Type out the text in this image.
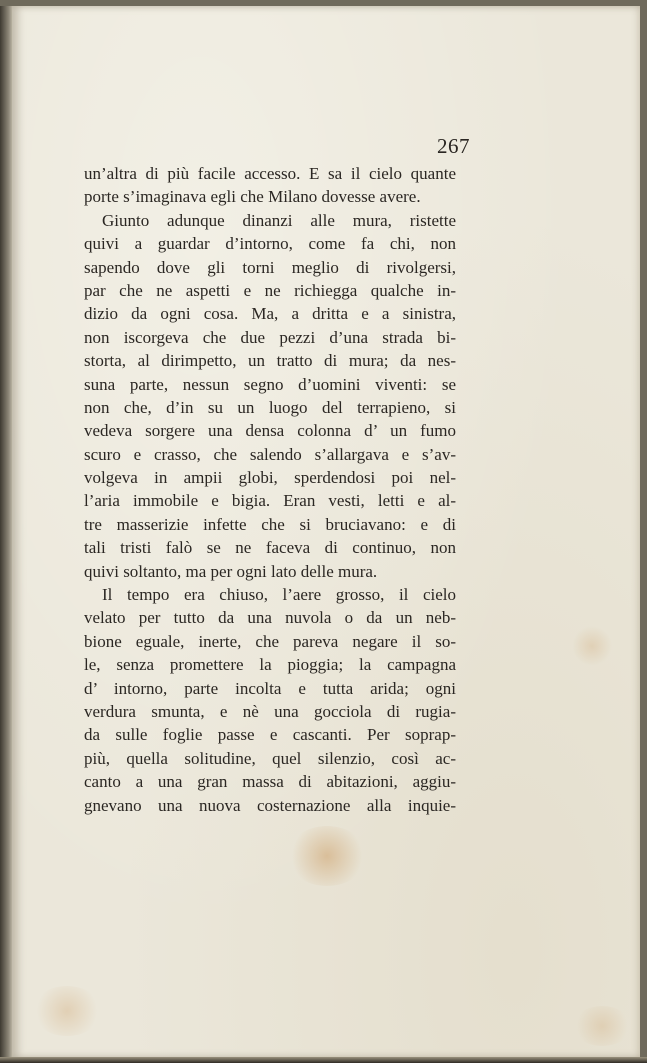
267
un’altra di più facile accesso. E sa il cielo quante
porte s’imaginava egli che Milano dovesse avere.
Giunto adunque dinanzi alle mura, ristette
quivi a guardar d’intorno, come fa chi, non
sapendo dove gli torni meglio di rivolgersi,
par che ne aspetti e ne richiegga qualche in-
dizio da ogni cosa. Ma, a dritta e a sinistra,
non iscorgeva che due pezzi d’una strada bi-
storta, al dirimpetto, un tratto di mura; da nes-
suna parte, nessun segno d’uomini viventi: se
non che, d’in su un luogo del terrapieno, si
vedeva sorgere una densa colonna d’ un fumo
scuro e crasso, che salendo s’allargava e s’av-
volgeva in ampii globi, sperdendosi poi nel-
l’aria immobile e bigia. Eran vesti, letti e al-
tre masserizie infette che si bruciavano: e di
tali tristi falò se ne faceva di continuo, non
quivi soltanto, ma per ogni lato delle mura.
Il tempo era chiuso, l’aere grosso, il cielo
velato per tutto da una nuvola o da un neb-
bione eguale, inerte, che pareva negare il so-
le, senza promettere la pioggia; la campagna
d’ intorno, parte incolta e tutta arida; ogni
verdura smunta, e nè una gocciola di rugia-
da sulle foglie passe e cascanti. Per soprap-
più, quella solitudine, quel silenzio, così ac-
canto a una gran massa di abitazioni, aggiu-
gnevano una nuova costernazione alla inquie-
